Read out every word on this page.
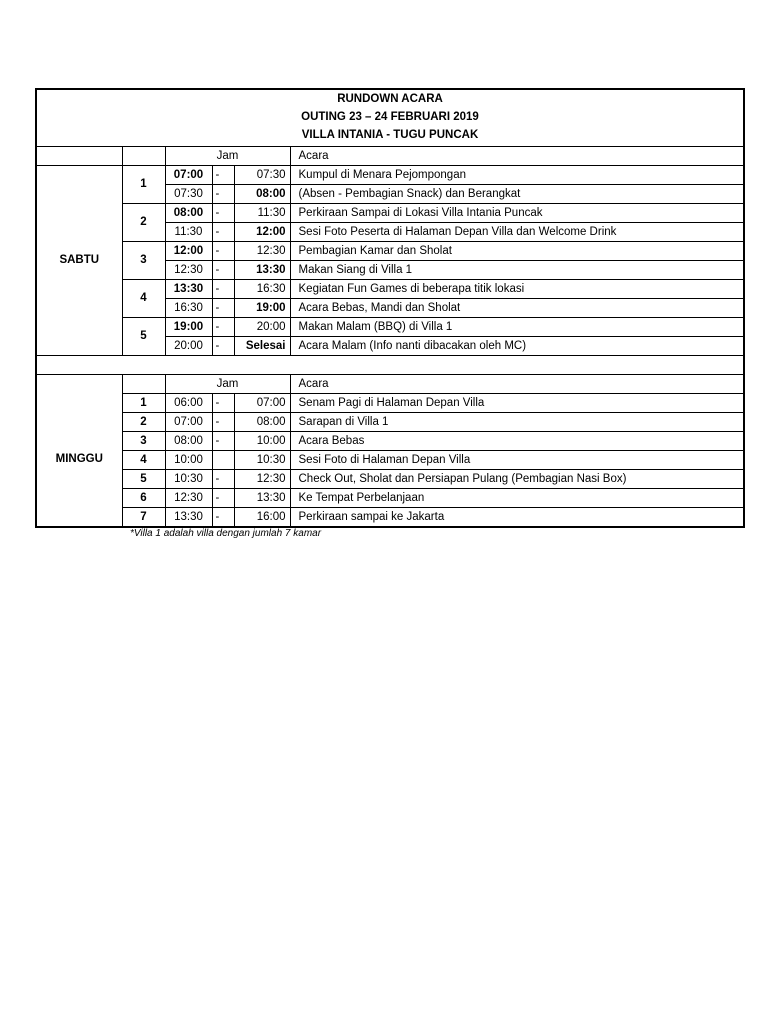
RUNDOWN ACARA					
OUTING 23 – 24 FEBRUARI 2019					
VILLA INTANIA - TUGU PUNCAK					
		Jam			Acara
SABTU	1	07:00	-	07:30	Kumpul di Menara Pejompongan
		07:30	-	08:00	(Absen - Pembagian Snack) dan Berangkat
	2	08:00	-	11:30	Perkiraan Sampai di Lokasi Villa Intania Puncak
		11:30	-	12:00	Sesi Foto Peserta di Halaman Depan Villa dan Welcome Drink
	3	12:00	-	12:30	Pembagian Kamar dan Sholat
		12:30	-	13:30	Makan Siang di Villa 1
	4	13:30	-	16:30	Kegiatan Fun Games di beberapa titik lokasi
		16:30	-	19:00	Acara Bebas, Mandi dan Sholat
	5	19:00	-	20:00	Makan Malam (BBQ) di Villa 1
		20:00	-	Selesai	Acara Malam (Info nanti dibacakan oleh MC)

		Jam			Acara
MINGGU	1	06:00	-	07:00	Senam Pagi di Halaman Depan Villa
	2	07:00	-	08:00	Sarapan di Villa 1
	3	08:00	-	10:00	Acara Bebas
	4	10:00		10:30	Sesi Foto di Halaman Depan Villa
	5	10:30	-	12:30	Check Out, Sholat dan Persiapan Pulang (Pembagian Nasi Box)
	6	12:30	-	13:30	Ke Tempat Perbelanjaan
	7	13:30	-	16:00	Perkiraan sampai ke Jakarta
*Villa 1 adalah villa dengan jumlah 7 kamar
